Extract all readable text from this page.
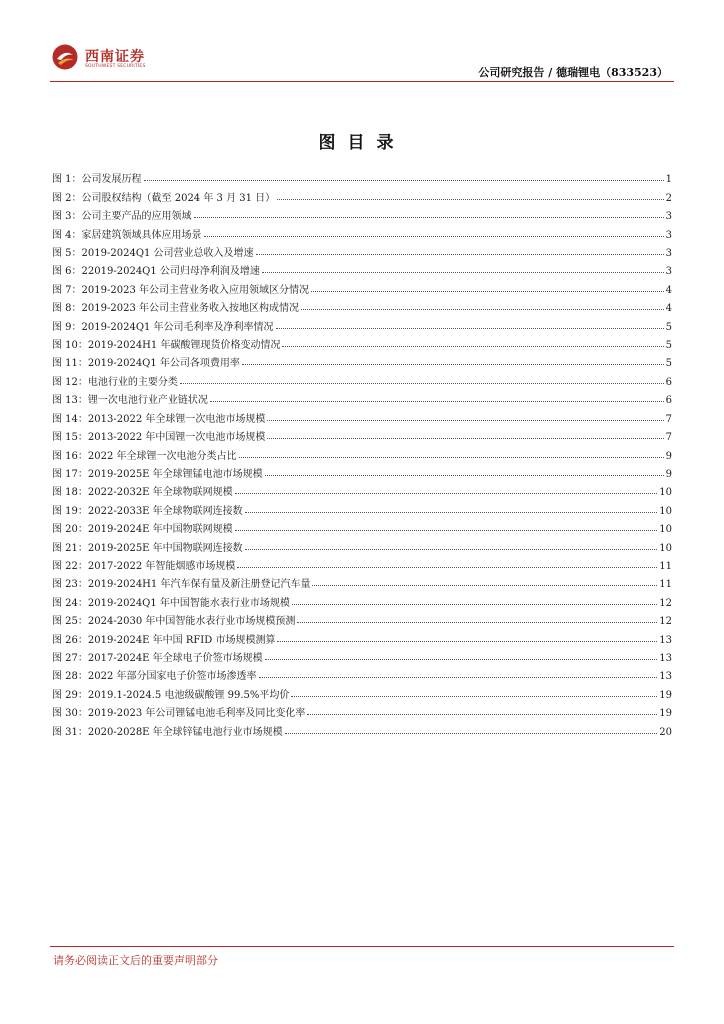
西南证券
SOUTHWEST SECURITIES	公司研究报告 / 德瑞锂电（833523）
图目录
图 1：公司发展历程	1
图 2：公司股权结构（截至 2024 年 3 月 31 日）	2
图 3：公司主要产品的应用领域	3
图 4：家居建筑领域具体应用场景	3
图 5：2019-2024Q1 公司营业总收入及增速	3
图 6：22019-2024Q1 公司归母净利润及增速	3
图 7：2019-2023 年公司主营业务收入应用领域区分情况	4
图 8：2019-2023 年公司主营业务收入按地区构成情况	4
图 9：2019-2024Q1 年公司毛利率及净利率情况	5
图 10：2019-2024H1 年碳酸锂现货价格变动情况	5
图 11：2019-2024Q1 年公司各项费用率	5
图 12：电池行业的主要分类	6
图 13：锂一次电池行业产业链状况	6
图 14：2013-2022 年全球锂一次电池市场规模	7
图 15：2013-2022 年中国锂一次电池市场规模	7
图 16：2022 年全球锂一次电池分类占比	9
图 17：2019-2025E 年全球锂锰电池市场规模	9
图 18：2022-2032E 年全球物联网规模	10
图 19：2022-2033E 年全球物联网连接数	10
图 20：2019-2024E 年中国物联网规模	10
图 21：2019-2025E 年中国物联网连接数	10
图 22：2017-2022 年智能烟感市场规模	11
图 23：2019-2024H1 年汽车保有量及新注册登记汽车量	11
图 24：2019-2024Q1 年中国智能水表行业市场规模	12
图 25：2024-2030 年中国智能水表行业市场规模预测	12
图 26：2019-2024E 年中国 RFID 市场规模测算	13
图 27：2017-2024E 年全球电子价签市场规模	13
图 28：2022 年部分国家电子价签市场渗透率	13
图 29：2019.1-2024.5 电池级碳酸锂 99.5%平均价	19
图 30：2019-2023 年公司锂锰电池毛利率及同比变化率	19
图 31：2020-2028E 年全球锌锰电池行业市场规模	20
请务必阅读正文后的重要声明部分
